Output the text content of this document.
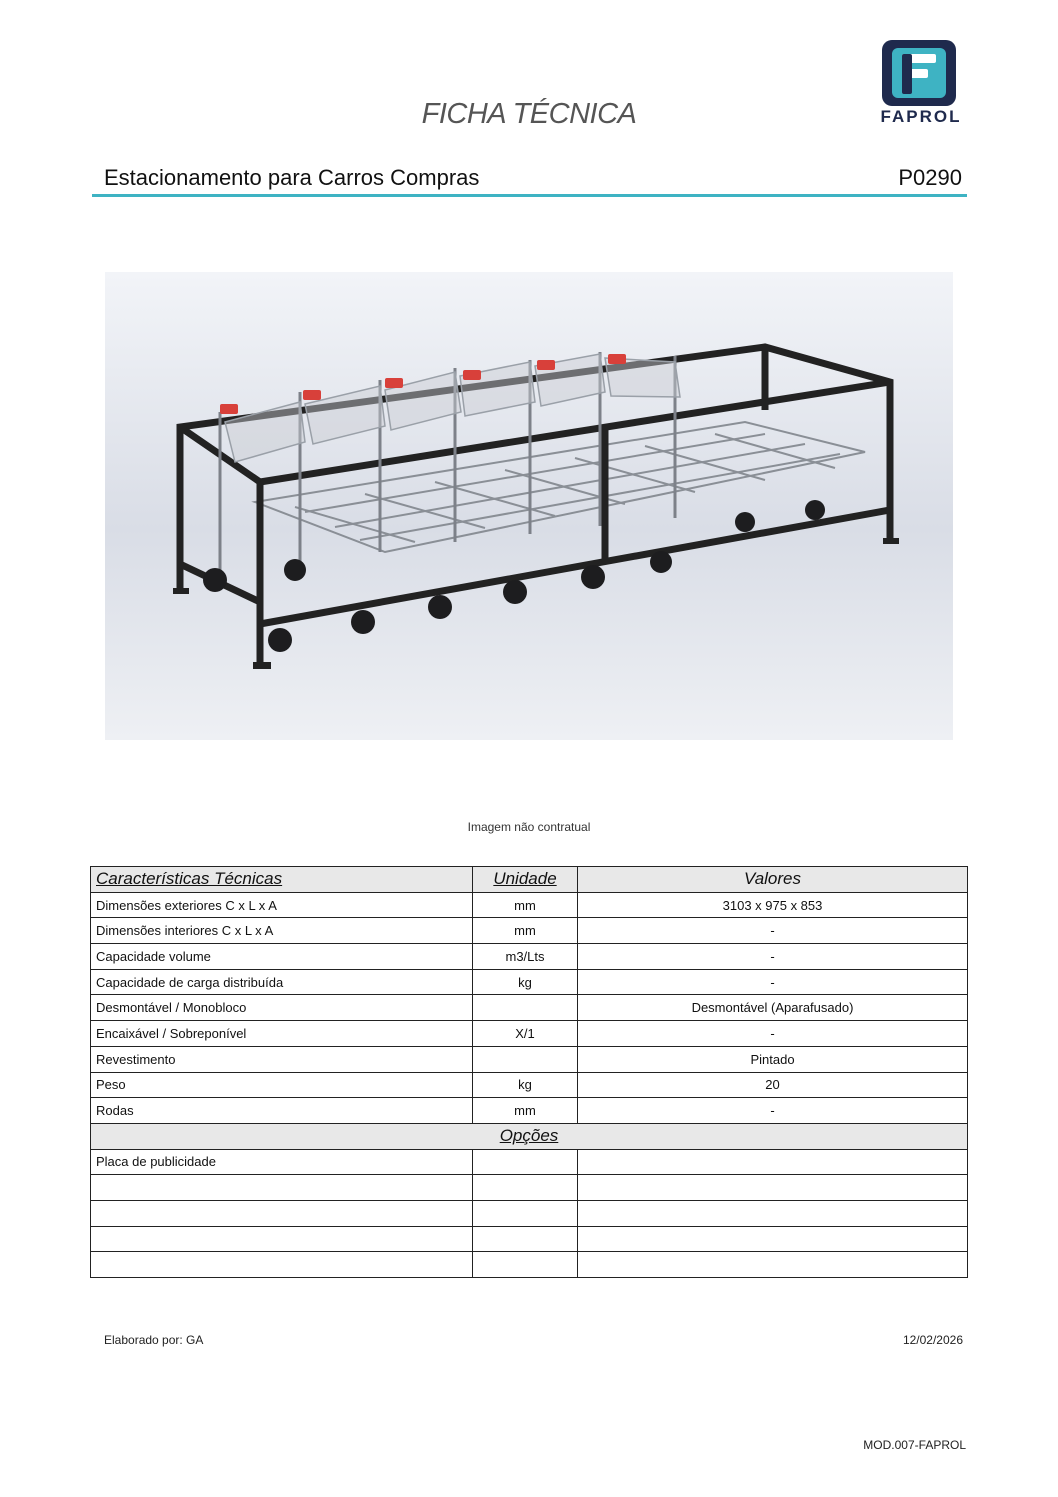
FICHA TÉCNICA	FAPROL
Estacionamento para Carros Compras	P0290
Imagem não contratual
Características Técnicas	Unidade	Valores
Dimensões exteriores C x L x A	mm	3103 x 975 x 853
Dimensões interiores C x L x A	mm	-
Capacidade volume	m3/Lts	-
Capacidade de carga distribuída	kg	-
Desmontável / Monobloco		Desmontável (Aparafusado)
Encaixável / Sobreponível	X/1	-
Revestimento		Pintado
Peso	kg	20
Rodas	mm	-
Opções		
Placa de publicidade		

Elaborado por: GA	12/02/2026
MOD.007-FAPROL
